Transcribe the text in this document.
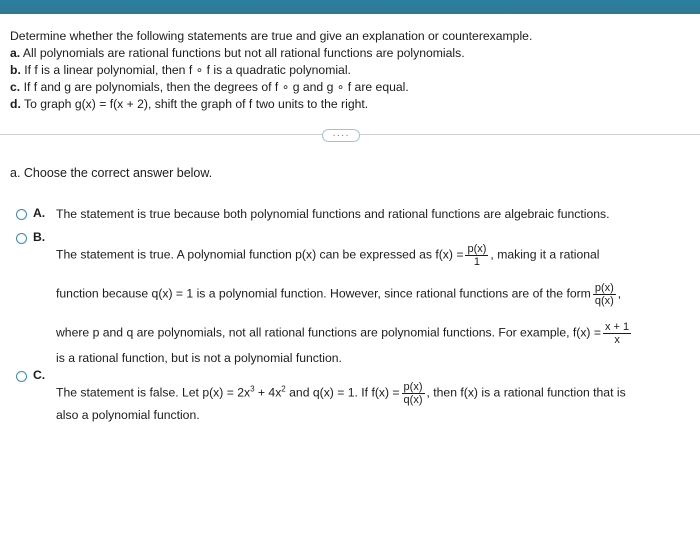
Determine whether the following statements are true and give an explanation or counterexample.
a. All polynomials are rational functions but not all rational functions are polynomials.
b. If f is a linear polynomial, then f ∘ f is a quadratic polynomial.
c. If f and g are polynomials, then the degrees of f ∘ g and g ∘ f are equal.
d. To graph g(x) = f(x + 2), shift the graph of f two units to the right.
····
a. Choose the correct answer below.
A. The statement is true because both polynomial functions and rational functions are algebraic functions.
B.
The statement is true. A polynomial function p(x) can be expressed as $f(x) = \frac{p(x)}{1}$ , making it a rational
function because q(x) = 1 is a polynomial function. However, since rational functions are of the form $\frac{p(x)}{q(x)}$ ,
where p and q are polynomials, not all rational functions are polynomial functions. For example, $f(x) = \frac{x + 1}{x}$
is a rational function, but is not a polynomial function.
C.
The statement is false. Let $p(x) = 2x^3 + 4x^2$ and q(x) = 1. If $f(x) = \frac{p(x)}{q(x)}$ , then f(x) is a rational function that is
also a polynomial function.
